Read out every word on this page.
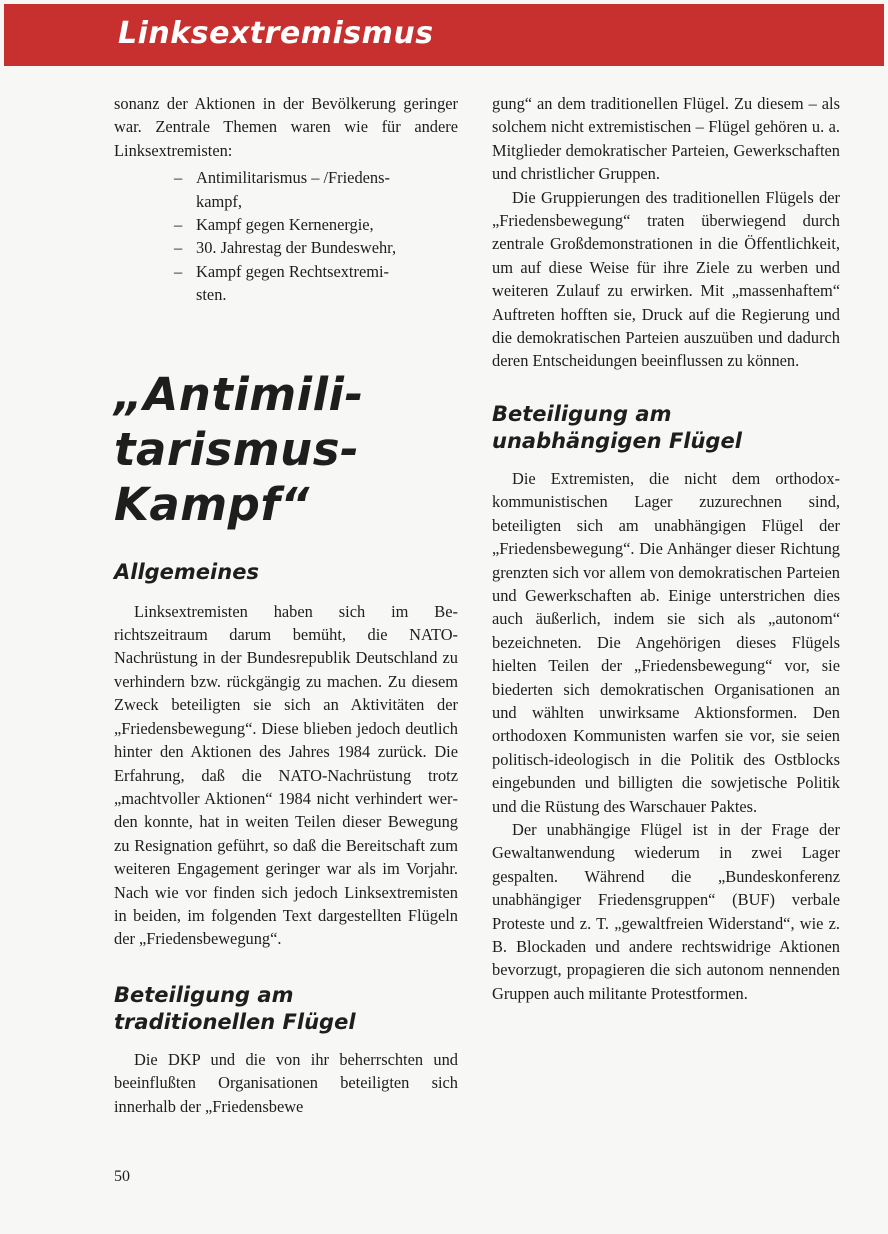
Linksextremismus

sonanz der Aktionen in der Bevölkerung geringer war. Zentrale Themen waren wie für andere Linksextremisten:

– Antimilitarismus – /Friedenskampf,
– Kampf gegen Kernenergie,
– 30. Jahrestag der Bundeswehr,
– Kampf gegen Rechtsextremisten.
„Antimilitarismus-Kampf“
Allgemeines

Linksextremisten haben sich im Berichtszeitraum darum bemüht, die NATO-Nachrüstung in der Bundesrepublik Deutschland zu verhindern bzw. rückgängig zu machen. Zu diesem Zweck beteiligten sie sich an Aktivitäten der „Friedensbewegung“. Diese blieben jedoch deutlich hinter den Aktionen des Jahres 1984 zurück. Die Erfahrung, daß die NATO-Nachrüstung trotz „machtvoller Aktionen“ 1984 nicht verhindert werden konnte, hat in weiten Teilen dieser Bewegung zu Resignation geführt, so daß die Bereitschaft zum weiteren Engagement geringer war als im Vorjahr. Nach wie vor finden sich jedoch Linksextremisten in beiden, im folgenden Text dargestellten Flügeln der „Friedensbewegung“.

Beteiligung am traditionellen Flügel

Die DKP und die von ihr beherrschten und beeinflußten Organisationen beteiligten sich innerhalb der „Friedensbewe

gung“ an dem traditionellen Flügel. Zu diesem – als solchem nicht extremistischen – Flügel gehören u. a. Mitglieder demokratischer Parteien, Gewerkschaften und christlicher Gruppen.

Die Gruppierungen des traditionellen Flügels der „Friedensbewegung“ traten überwiegend durch zentrale Großdemonstrationen in die Öffentlichkeit, um auf diese Weise für ihre Ziele zu werben und weiteren Zulauf zu erwirken. Mit „massenhaftem“ Auftreten hofften sie, Druck auf die Regierung und die demokratischen Parteien auszuüben und dadurch deren Entscheidungen beeinflussen zu können.

Beteiligung am unabhängigen Flügel

Die Extremisten, die nicht dem orthodox-kommunistischen Lager zuzurechnen sind, beteiligten sich am unabhängigen Flügel der „Friedensbewegung“. Die Anhänger dieser Richtung grenzten sich vor allem von demokratischen Parteien und Gewerkschaften ab. Einige unterstrichen dies auch äußerlich, indem sie sich als „autonom“ bezeichneten. Die Angehörigen dieses Flügels hielten Teilen der „Friedensbewegung“ vor, sie biederten sich demokratischen Organisationen an und wählten unwirksame Aktionsformen. Den orthodoxen Kommunisten warfen sie vor, sie seien politisch-ideologisch in die Politik des Ostblocks eingebunden und billigten die sowjetische Politik und die Rüstung des Warschauer Paktes.

Der unabhängige Flügel ist in der Frage der Gewaltanwendung wiederum in zwei Lager gespalten. Während die „Bundeskonferenz unabhängiger Friedensgruppen“ (BUF) verbale Proteste und z. T. „gewaltfreien Widerstand“, wie z. B. Blockaden und andere rechtswidrige Aktionen bevorzugt, propagieren die sich autonom nennenden Gruppen auch militante Protestformen.

50
